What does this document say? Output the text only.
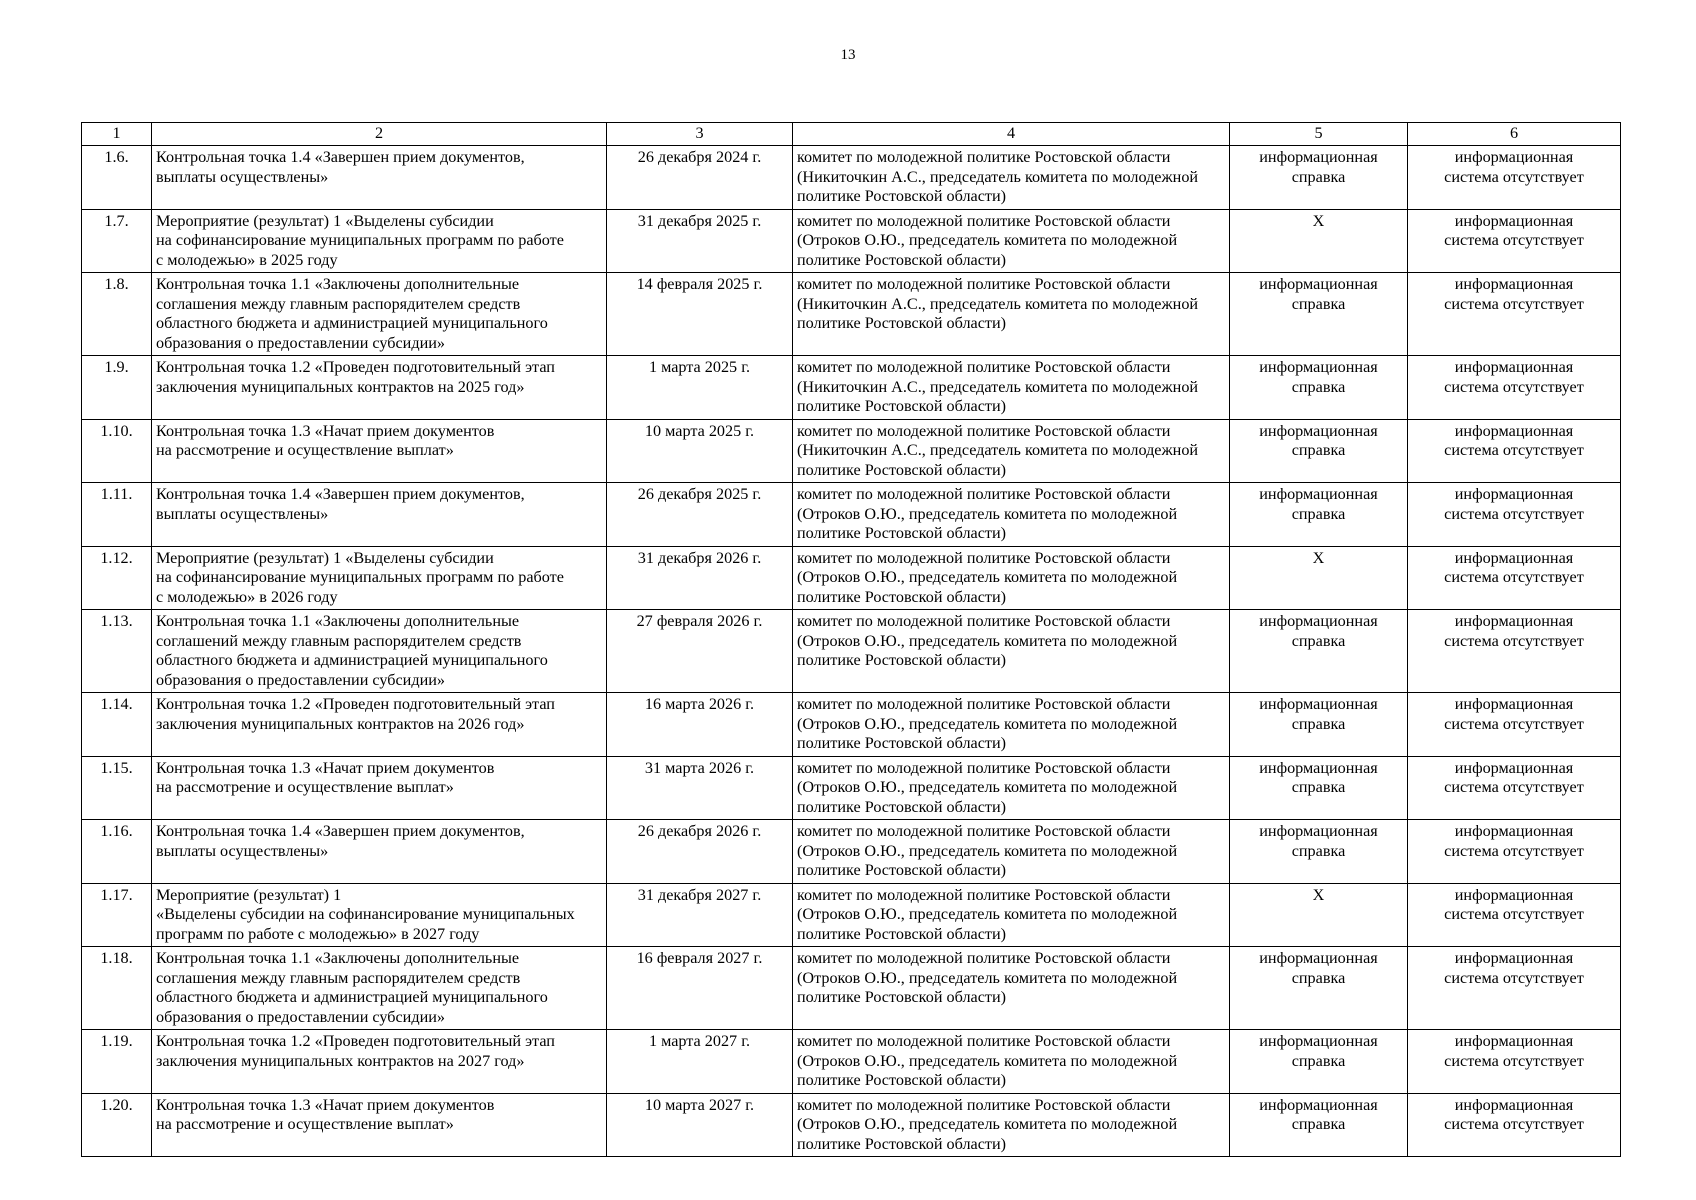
13
1	2	3	4	5	6
1.6.	Контрольная точка 1.4 «Завершен прием документов,
выплаты осуществлены»	26 декабря 2024 г.	комитет по молодежной политике Ростовской области
(Никиточкин А.С., председатель комитета по молодежной
политике Ростовской области)	информационная
справка	информационная
система отсутствует

1.7.	Мероприятие (результат) 1 «Выделены субсидии
на софинансирование муниципальных программ по работе
с молодежью» в 2025 году	31 декабря 2025 г.	комитет по молодежной политике Ростовской области
(Отроков О.Ю., председатель комитета по молодежной
политике Ростовской области)	X	информационная
система отсутствует

1.8.	Контрольная точка 1.1 «Заключены дополнительные
соглашения между главным распорядителем средств
областного бюджета и администрацией муниципального
образования о предоставлении субсидии»	14 февраля 2025 г.	комитет по молодежной политике Ростовской области
(Никиточкин А.С., председатель комитета по молодежной
политике Ростовской области)	информационная
справка	информационная
система отсутствует

1.9.	Контрольная точка 1.2 «Проведен подготовительный этап
заключения муниципальных контрактов на 2025 год»	1 марта 2025 г.	комитет по молодежной политике Ростовской области
(Никиточкин А.С., председатель комитета по молодежной
политике Ростовской области)	информационная
справка	информационная
система отсутствует

1.10.	Контрольная точка 1.3 «Начат прием документов
на рассмотрение и осуществление выплат»	10 марта 2025 г.	комитет по молодежной политике Ростовской области
(Никиточкин А.С., председатель комитета по молодежной
политике Ростовской области)	информационная
справка	информационная
система отсутствует

1.11.	Контрольная точка 1.4 «Завершен прием документов,
выплаты осуществлены»	26 декабря 2025 г.	комитет по молодежной политике Ростовской области
(Отроков О.Ю., председатель комитета по молодежной
политике Ростовской области)	информационная
справка	информационная
система отсутствует

1.12.	Мероприятие (результат) 1 «Выделены субсидии
на софинансирование муниципальных программ по работе
с молодежью» в 2026 году	31 декабря 2026 г.	комитет по молодежной политике Ростовской области
(Отроков О.Ю., председатель комитета по молодежной
политике Ростовской области)	X	информационная
система отсутствует

1.13.	Контрольная точка 1.1 «Заключены дополнительные
соглашений между главным распорядителем средств
областного бюджета и администрацией муниципального
образования о предоставлении субсидии»	27 февраля 2026 г.	комитет по молодежной политике Ростовской области
(Отроков О.Ю., председатель комитета по молодежной
политике Ростовской области)	информационная
справка	информационная
система отсутствует

1.14.	Контрольная точка 1.2 «Проведен подготовительный этап
заключения муниципальных контрактов на 2026 год»	16 марта 2026 г.	комитет по молодежной политике Ростовской области
(Отроков О.Ю., председатель комитета по молодежной
политике Ростовской области)	информационная
справка	информационная
система отсутствует

1.15.	Контрольная точка 1.3 «Начат прием документов
на рассмотрение и осуществление выплат»	31 марта 2026 г.	комитет по молодежной политике Ростовской области
(Отроков О.Ю., председатель комитета по молодежной
политике Ростовской области)	информационная
справка	информационная
система отсутствует

1.16.	Контрольная точка 1.4 «Завершен прием документов,
выплаты осуществлены»	26 декабря 2026 г.	комитет по молодежной политике Ростовской области
(Отроков О.Ю., председатель комитета по молодежной
политике Ростовской области)	информационная
справка	информационная
система отсутствует

1.17.	Мероприятие (результат) 1
«Выделены субсидии на софинансирование муниципальных
программ по работе с молодежью» в 2027 году	31 декабря 2027 г.	комитет по молодежной политике Ростовской области
(Отроков О.Ю., председатель комитета по молодежной
политике Ростовской области)	X	информационная
система отсутствует

1.18.	Контрольная точка 1.1 «Заключены дополнительные
соглашения между главным распорядителем средств
областного бюджета и администрацией муниципального
образования о предоставлении субсидии»	16 февраля 2027 г.	комитет по молодежной политике Ростовской области
(Отроков О.Ю., председатель комитета по молодежной
политике Ростовской области)	информационная
справка	информационная
система отсутствует

1.19.	Контрольная точка 1.2 «Проведен подготовительный этап
заключения муниципальных контрактов на 2027 год»	1 марта 2027 г.	комитет по молодежной политике Ростовской области
(Отроков О.Ю., председатель комитета по молодежной
политике Ростовской области)	информационная
справка	информационная
система отсутствует

1.20.	Контрольная точка 1.3 «Начат прием документов
на рассмотрение и осуществление выплат»	10 марта 2027 г.	комитет по молодежной политике Ростовской области
(Отроков О.Ю., председатель комитета по молодежной
политике Ростовской области)	информационная
справка	информационная
система отсутствует
